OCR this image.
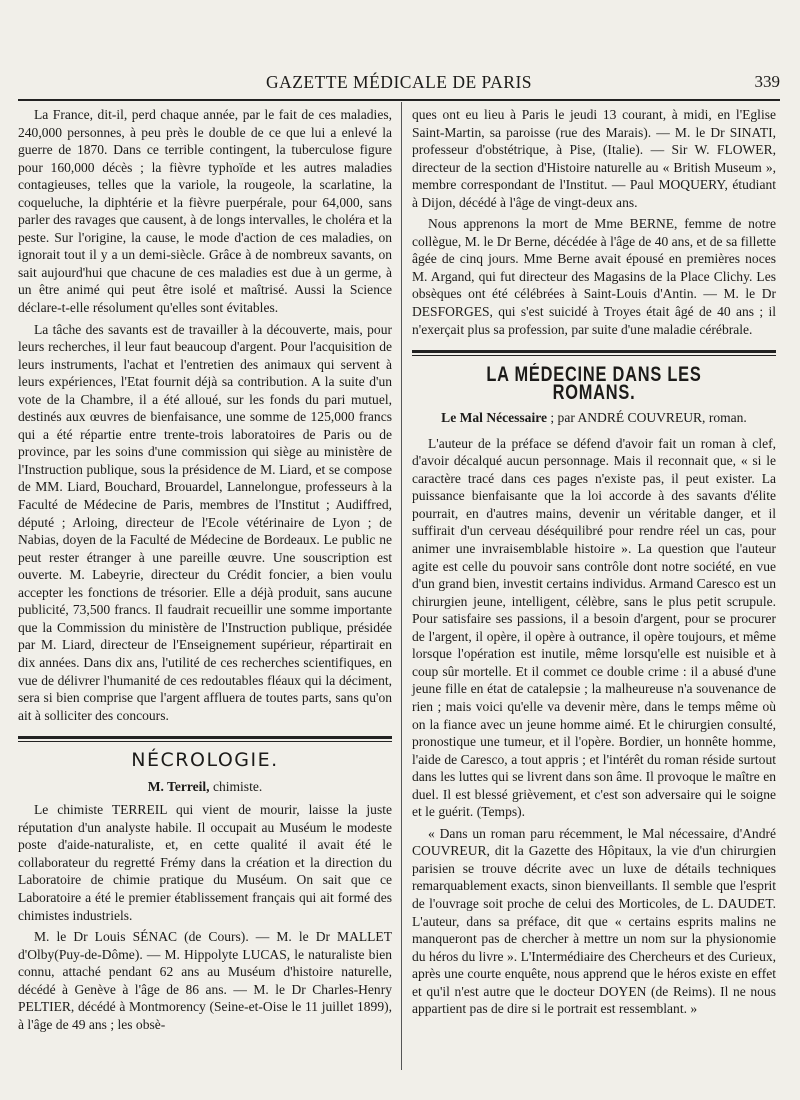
GAZETTE MÉDICALE DE PARIS	339

La France, dit-il, perd chaque année, par le fait de ces maladies, 240,000 personnes, à peu près le double de ce que lui a enlevé la guerre de 1870. Dans ce terrible contingent, la tuberculose figure pour 160,000 décès ; la fièvre typhoïde et les autres maladies contagieuses, telles que la variole, la rougeole, la scarlatine, la coqueluche, la diphtérie et la fièvre puerpérale, pour 64,000, sans parler des ravages que causent, à de longs intervalles, le choléra et la peste. Sur l'origine, la cause, le mode d'action de ces maladies, on ignorait tout il y a un demi-siècle. Grâce à de nombreux savants, on sait aujourd'hui que chacune de ces maladies est due à un germe, à un être animé qui peut être isolé et maîtrisé. Aussi la Science déclare-t-elle résolument qu'elles sont évitables.

La tâche des savants est de travailler à la découverte, mais, pour leurs recherches, il leur faut beaucoup d'argent. Pour l'acquisition de leurs instruments, l'achat et l'entretien des animaux qui servent à leurs expériences, l'Etat fournit déjà sa contribution. A la suite d'un vote de la Chambre, il a été alloué, sur les fonds du pari mutuel, destinés aux œuvres de bienfaisance, une somme de 125,000 francs qui a été répartie entre trente-trois laboratoires de Paris ou de province, par les soins d'une commission qui siège au ministère de l'Instruction publique, sous la présidence de M. Liard, et se compose de MM. Liard, Bouchard, Brouardel, Lannelongue, professeurs à la Faculté de Médecine de Paris, membres de l'Institut ; Audiffred, député ; Arloing, directeur de l'Ecole vétérinaire de Lyon ; de Nabias, doyen de la Faculté de Médecine de Bordeaux. Le public ne peut rester étranger à une pareille œuvre. Une souscription est ouverte. M. Labeyrie, directeur du Crédit foncier, a bien voulu accepter les fonctions de trésorier. Elle a déjà produit, sans aucune publicité, 73,500 francs. Il faudrait recueillir une somme importante que la Commission du ministère de l'Instruction publique, présidée par M. Liard, directeur de l'Enseignement supérieur, répartirait en dix années. Dans dix ans, l'utilité de ces recherches scientifiques, en vue de délivrer l'humanité de ces redoutables fléaux qui la déciment, sera si bien comprise que l'argent affluera de toutes parts, sans qu'on ait à solliciter des concours.

NÉCROLOGIE.
M. Terreil, chimiste.

Le chimiste TERREIL qui vient de mourir, laisse la juste réputation d'un analyste habile. Il occupait au Muséum le modeste poste d'aide-naturaliste, et, en cette qualité il avait été le collaborateur du regretté Frémy dans la création et la direction du Laboratoire de chimie pratique du Muséum. On sait que ce Laboratoire a été le premier établissement français qui ait formé des chimistes industriels.

M. le Dr Louis SÉNAC (de Cours). — M. le Dr MALLET d'Olby(Puy-de-Dôme). — M. Hippolyte LUCAS, le naturaliste bien connu, attaché pendant 62 ans au Muséum d'histoire naturelle, décédé à Genève à l'âge de 86 ans. — M. le Dr Charles-Henry PELTIER, décédé à Montmorency (Seine-et-Oise le 11 juillet 1899), à l'âge de 49 ans ; les obsè-

ques ont eu lieu à Paris le jeudi 13 courant, à midi, en l'Eglise Saint-Martin, sa paroisse (rue des Marais). — M. le Dr SINATI, professeur d'obstétrique, à Pise, (Italie). — Sir W. FLOWER, directeur de la section d'Histoire naturelle au « British Museum », membre correspondant de l'Institut. — Paul MOQUERY, étudiant à Dijon, décédé à l'âge de vingt-deux ans.

Nous apprenons la mort de Mme BERNE, femme de notre collègue, M. le Dr Berne, décédée à l'âge de 40 ans, et de sa fillette âgée de cinq jours. Mme Berne avait épousé en premières noces M. Argand, qui fut directeur des Magasins de la Place Clichy. Les obsèques ont été célébrées à Saint-Louis d'Antin. — M. le Dr DESFORGES, qui s'est suicidé à Troyes était âgé de 40 ans ; il n'exerçait plus sa profession, par suite d'une maladie cérébrale.

LA MÉDECINE DANS LES ROMANS.
Le Mal Nécessaire ; par ANDRÉ COUVREUR, roman.

L'auteur de la préface se défend d'avoir fait un roman à clef, d'avoir décalqué aucun personnage. Mais il reconnait que, « si le caractère tracé dans ces pages n'existe pas, il peut exister. La puissance bienfaisante que la loi accorde à des savants d'élite pourrait, en d'autres mains, devenir un véritable danger, et il suffirait d'un cerveau déséquilibré pour rendre réel un cas, pour animer une invraisemblable histoire ». La question que l'auteur agite est celle du pouvoir sans contrôle dont notre société, en vue d'un grand bien, investit certains individus. Armand Caresco est un chirurgien jeune, intelligent, célèbre, sans le plus petit scrupule. Pour satisfaire ses passions, il a besoin d'argent, pour se procurer de l'argent, il opère, il opère à outrance, il opère toujours, et même lorsque l'opération est inutile, même lorsqu'elle est nuisible et à coup sûr mortelle. Et il commet ce double crime : il a abusé d'une jeune fille en état de catalepsie ; la malheureuse n'a souvenance de rien ; mais voici qu'elle va devenir mère, dans le temps même où on la fiance avec un jeune homme aimé. Et le chirurgien consulté, pronostique une tumeur, et il l'opère. Bordier, un honnête homme, l'aide de Caresco, a tout appris ; et l'intérêt du roman réside surtout dans les luttes qui se livrent dans son âme. Il provoque le maître en duel. Il est blessé grièvement, et c'est son adversaire qui le soigne et le guérit. (Temps).

« Dans un roman paru récemment, le Mal nécessaire, d'André COUVREUR, dit la Gazette des Hôpitaux, la vie d'un chirurgien parisien se trouve décrite avec un luxe de détails techniques remarquablement exacts, sinon bienveillants. Il semble que l'esprit de l'ouvrage soit proche de celui des Morticoles, de L. DAUDET. L'auteur, dans sa préface, dit que « certains esprits malins ne manqueront pas de chercher à mettre un nom sur la physionomie du héros du livre ». L'Intermédiaire des Chercheurs et des Curieux, après une courte enquête, nous apprend que le héros existe en effet et qu'il n'est autre que le docteur DOYEN (de Reims). Il ne nous appartient pas de dire si le portrait est ressemblant. »
